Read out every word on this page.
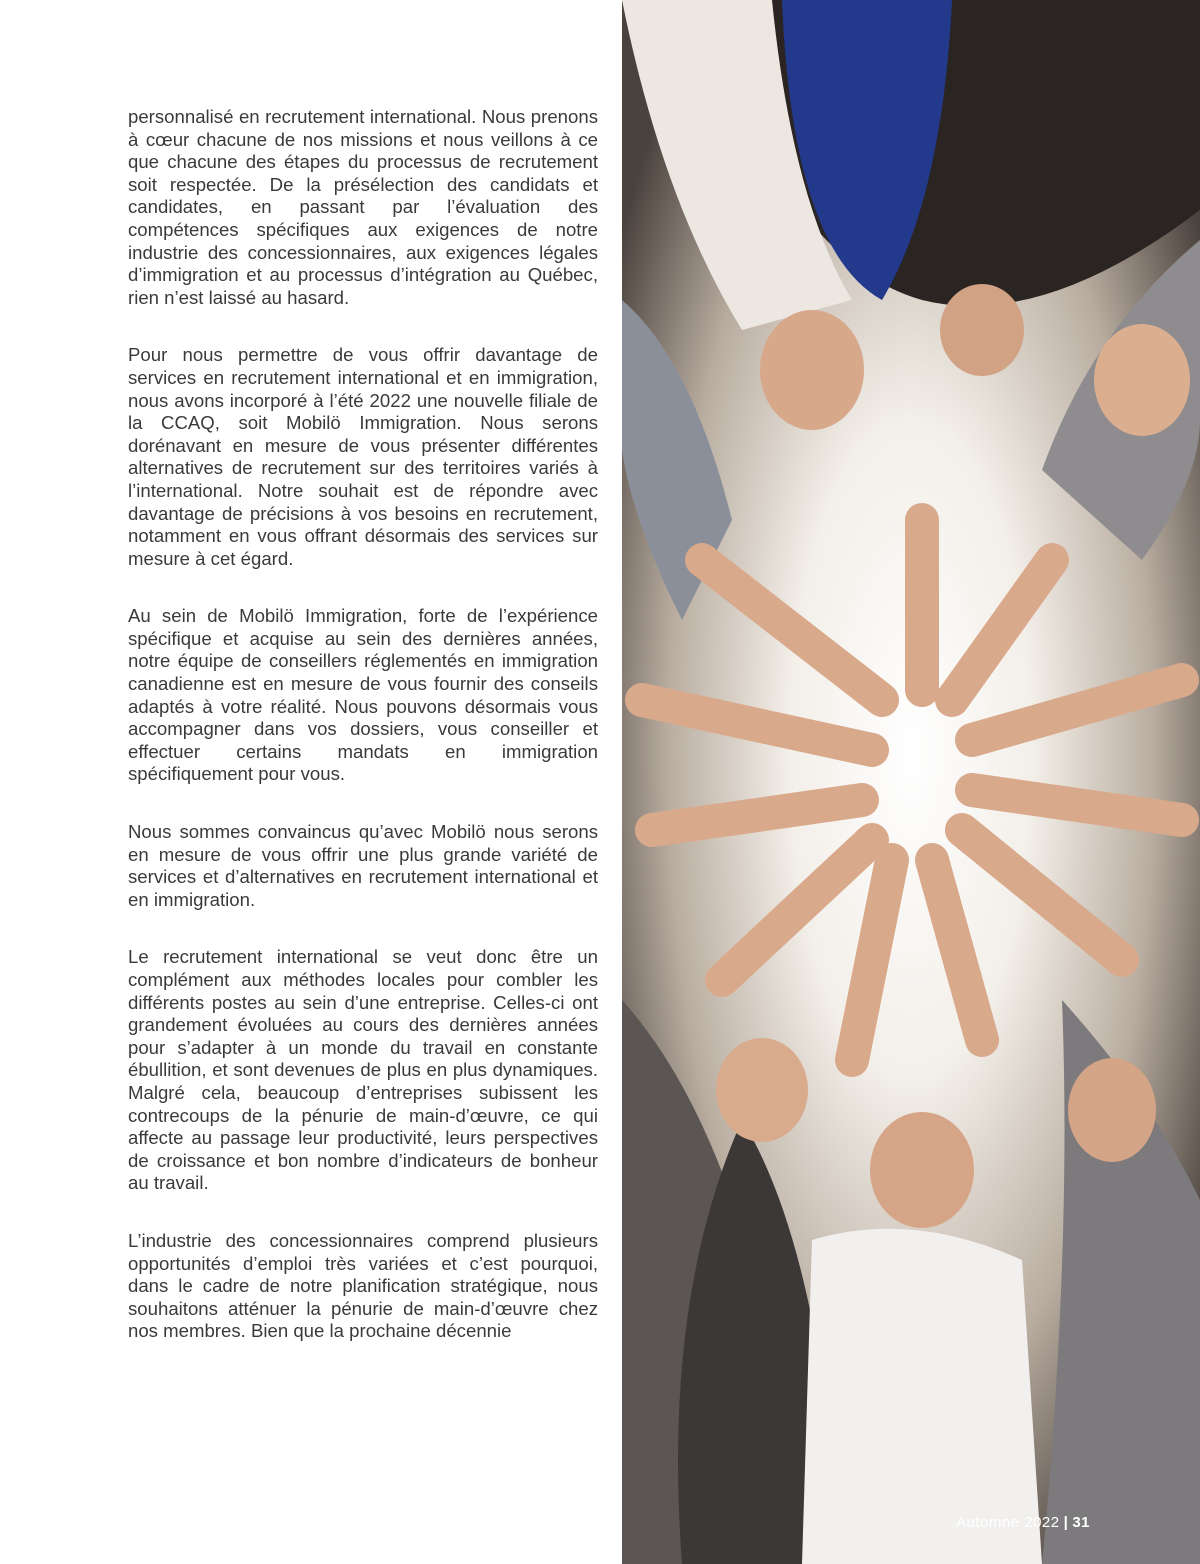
personnalisé en recrutement international. Nous prenons à cœur chacune de nos missions et nous veillons à ce que chacune des étapes du processus de recrutement soit respectée. De la présélection des candidats et candidates, en passant par l’évaluation des compétences spécifiques aux exigences de notre industrie des concessionnaires, aux exigences légales d’immigration et au processus d’intégration au Québec, rien n’est laissé au hasard.

Pour nous permettre de vous offrir davantage de services en recrutement international et en immigration, nous avons incorporé à l’été 2022 une nouvelle filiale de la CCAQ, soit Mobilö Immigration. Nous serons dorénavant en mesure de vous présenter différentes alternatives de recrutement sur des territoires variés à l’international. Notre souhait est de répondre avec davantage de précisions à vos besoins en recrutement, notamment en vous offrant désormais des services sur mesure à cet égard.

Au sein de Mobilö Immigration, forte de l’expérience spécifique et acquise au sein des dernières années, notre équipe de conseillers réglementés en immigration canadienne est en mesure de vous fournir des conseils adaptés à votre réalité. Nous pouvons désormais vous accompagner dans vos dossiers, vous conseiller et effectuer certains mandats en immigration spécifiquement pour vous.

Nous sommes convaincus qu’avec Mobilö nous serons en mesure de vous offrir une plus grande variété de services et d’alternatives en recrutement international et en immigration.

Le recrutement international se veut donc être un complément aux méthodes locales pour combler les différents postes au sein d’une entreprise. Celles-ci ont grandement évoluées au cours des dernières années pour s’adapter à un monde du travail en constante ébullition, et sont devenues de plus en plus dynamiques. Malgré cela, beaucoup d’entreprises subissent les contrecoups de la pénurie de main-d’œuvre, ce qui affecte au passage leur productivité, leurs perspectives de croissance et bon nombre d’indicateurs de bonheur au travail.

L’industrie des concessionnaires comprend plusieurs opportunités d’emploi très variées et c’est pourquoi, dans le cadre de notre planification stratégique, nous souhaitons atténuer la pénurie de main-d’œuvre chez nos membres. Bien que la prochaine décennie

Automne 2022 | 31
